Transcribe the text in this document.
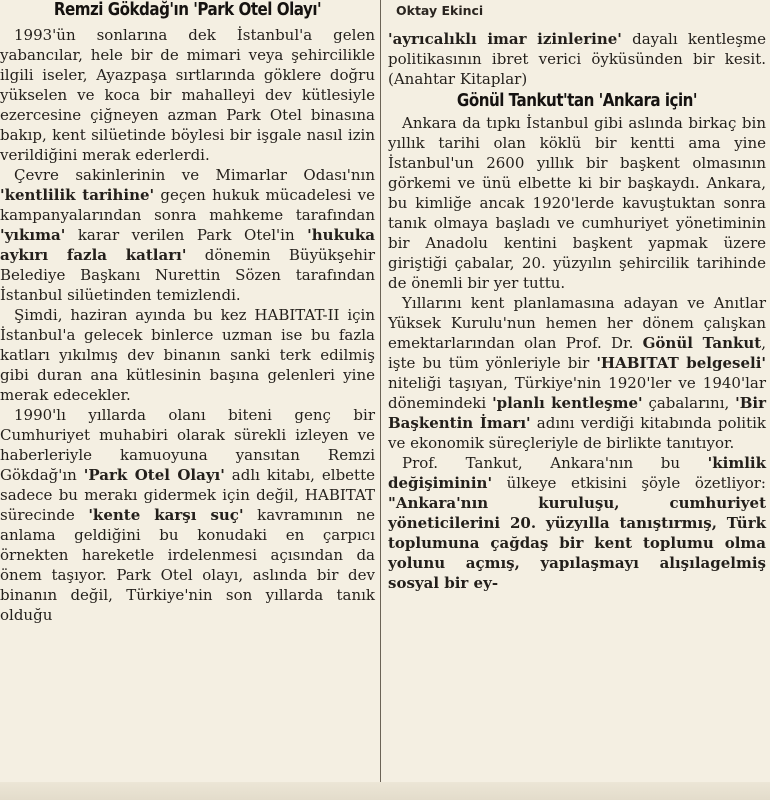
Remzi Gökdağ'ın 'Park Otel Olayı'

1993'ün sonlarına dek İstanbul'a gelen yabancılar, hele bir de mimari veya şehircilikle ilgili iseler, Ayazpaşa sırtlarında göklere doğru yükselen ve koca bir mahalleyi dev kütlesiyle ezercesine çiğneyen azman Park Otel binasına bakıp, kent silüetinde böylesi bir işgale nasıl izin verildiğini merak ederlerdi.

Çevre sakinlerinin ve Mimarlar Odası'nın 'kentlilik tarihine' geçen hukuk mücadelesi ve kampanyalarından sonra mahkeme tarafından 'yıkıma' karar verilen Park Otel'in 'hukuka aykırı fazla katları' dönemin Büyükşehir Belediye Başkanı Nurettin Sözen tarafından İstanbul silüetinden temizlendi.

Şimdi, haziran ayında bu kez HABITAT-II için İstanbul'a gelecek binlerce uzman ise bu fazla katları yıkılmış dev binanın sanki terk edilmiş gibi duran ana kütlesinin başına gelenleri yine merak edecekler.

1990'lı yıllarda olanı biteni genç bir Cumhuriyet muhabiri olarak sürekli izleyen ve haberleriyle kamuoyuna yansıtan Remzi Gökdağ'ın 'Park Otel Olayı' adlı kitabı, elbette sadece bu merakı gidermek için değil, HABITAT sürecinde 'kente karşı suç' kavramının ne anlama geldiğini bu konudaki en çarpıcı örnekten hareketle irdelenmesi açısından da önem taşıyor. Park Otel olayı, aslında bir dev binanın değil, Türkiye'nin son yıllarda tanık olduğu

Oktay Ekinci

'ayrıcalıklı imar izinlerine' dayalı kentleşme politikasının ibret verici öyküsünden bir kesit. (Anahtar Kitaplar)

Gönül Tankut'tan 'Ankara için'

Ankara da tıpkı İstanbul gibi aslında birkaç bin yıllık tarihi olan köklü bir kentti ama yine İstanbul'un 2600 yıllık bir başkent olmasının görkemi ve ünü elbette ki bir başkaydı. Ankara, bu kimliğe ancak 1920'lerde kavuştuktan sonra tanık olmaya başladı ve cumhuriyet yönetiminin bir Anadolu kentini başkent yapmak üzere giriştiği çabalar, 20. yüzyılın şehircilik tarihinde de önemli bir yer tuttu.

Yıllarını kent planlamasına adayan ve Anıtlar Yüksek Kurulu'nun hemen her dönem çalışkan emektarlarından olan Prof. Dr. Gönül Tankut, işte bu tüm yönleriyle bir 'HABITAT belgeseli' niteliği taşıyan, Türkiye'nin 1920'ler ve 1940'lar dönemindeki 'planlı kentleşme' çabalarını, 'Bir Başkentin İmarı' adını verdiği kitabında politik ve ekonomik süreçleriyle de birlikte tanıtıyor.

Prof. Tankut, Ankara'nın bu 'kimlik değişiminin' ülkeye etkisini şöyle özetliyor: "Ankara'nın kuruluşu, cumhuriyet yöneticilerini 20. yüzyılla tanıştırmış, Türk toplumuna çağdaş bir kent toplumu olma yolunu açmış, yapılaşmayı alışılagelmiş sosyal bir ey-
